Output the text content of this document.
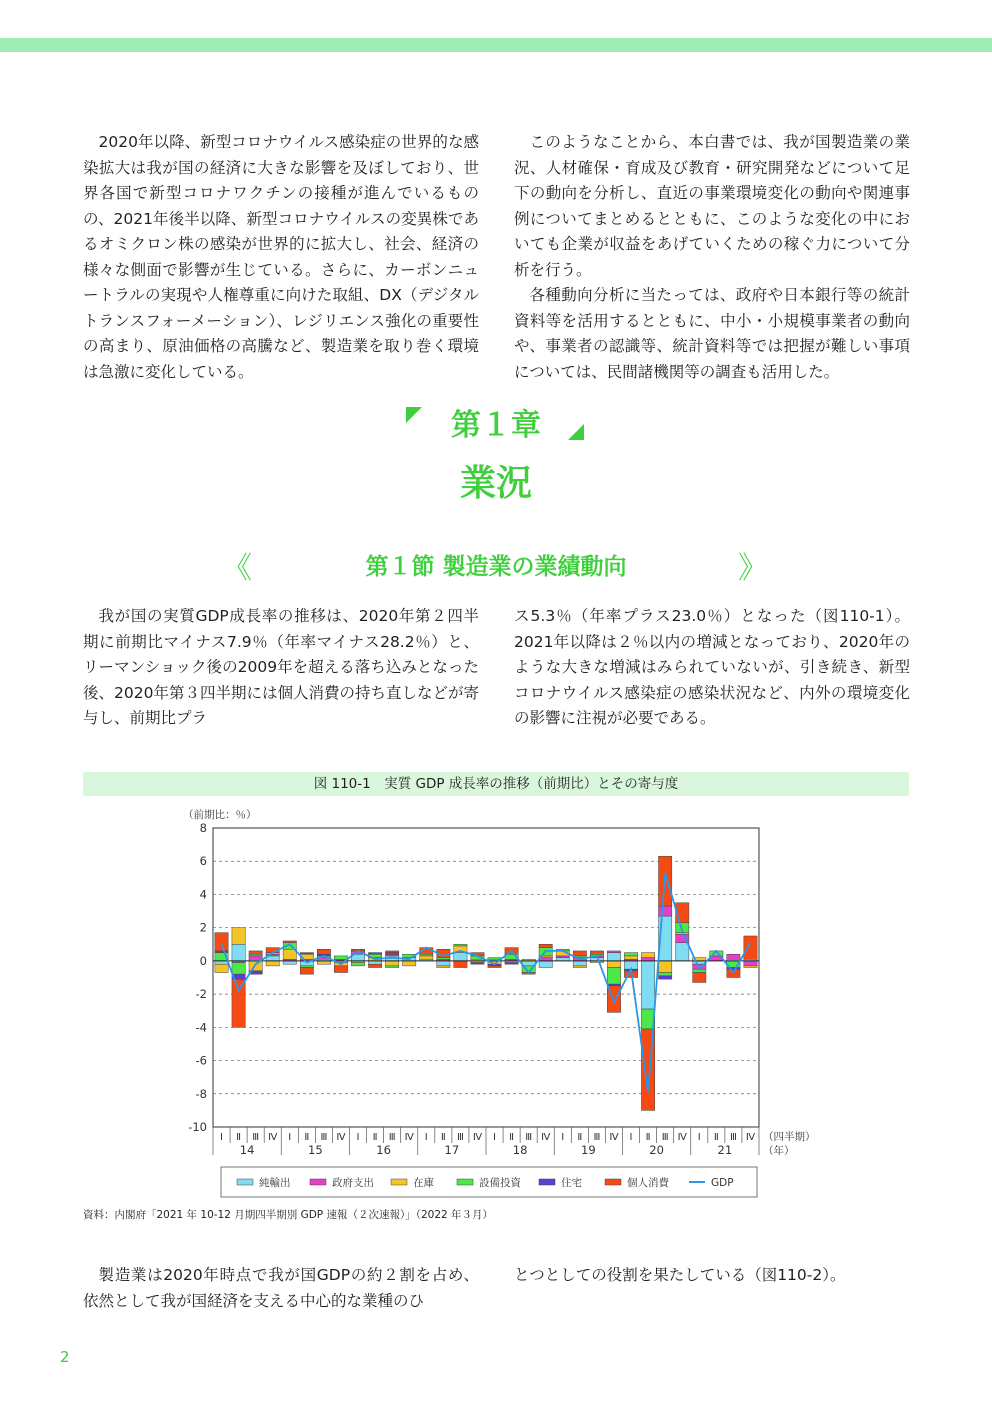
2020年以降、新型コロナウイルス感染症の世界的な感染拡大は我が国の経済に大きな影響を及ぼしており、世界各国で新型コロナワクチンの接種が進んでいるものの、2021年後半以降、新型コロナウイルスの変異株であるオミクロン株の感染が世界的に拡大し、社会、経済の様々な側面で影響が生じている。さらに、カーボンニュートラルの実現や人権尊重に向けた取組、DX（デジタルトランスフォーメーション）、レジリエンス強化の重要性の高まり、原油価格の高騰など、製造業を取り巻く環境は急激に変化している。

このようなことから、本白書では、我が国製造業の業況、人材確保・育成及び教育・研究開発などについて足下の動向を分析し、直近の事業環境変化の動向や関連事例についてまとめるとともに、このような変化の中においても企業が収益をあげていくための稼ぐ力について分析を行う。

各種動向分析に当たっては、政府や日本銀行等の統計資料等を活用するとともに、中小・小規模事業者の動向や、事業者の認識等、統計資料等では把握が難しい事項については、民間諸機関等の調査も活用した。

第１章
業況
《	第１節 製造業の業績動向	》

我が国の実質GDP成長率の推移は、2020年第２四半期に前期比マイナス7.9％（年率マイナス28.2％）と、リーマンショック後の2009年を超える落ち込みとなった後、2020年第３四半期には個人消費の持ち直しなどが寄与し、前期比プラ

ス5.3％（年率プラス23.0％）となった（図110-1）。2021年以降は２％以内の増減となっており、2020年のような大きな増減はみられていないが、引き続き、新型コロナウイルス感染症の感染状況など、内外の環境変化の影響に注視が必要である。

図 110-1　実質 GDP 成長率の推移（前期比）とその寄与度
-10
-8
-6
-4
-2
0
2
4
6
8
（前期比：％）
Ⅰ Ⅱ Ⅲ Ⅳ Ⅰ Ⅱ Ⅲ Ⅳ Ⅰ Ⅱ Ⅲ Ⅳ Ⅰ Ⅱ Ⅲ Ⅳ Ⅰ Ⅱ Ⅲ Ⅳ Ⅰ Ⅱ Ⅲ Ⅳ Ⅰ Ⅱ Ⅲ Ⅳ Ⅰ Ⅱ Ⅲ Ⅳ
14	15	16	17	18	19	20	21
（四半期）
（年）
純輸出	政府支出	在庫	設備投資	住宅	個人消費	GDP
資料：内閣府「2021 年 10-12 月期四半期別 GDP 速報（２次速報）」（2022 年３月）

製造業は2020年時点で我が国GDPの約２割を占め、依然として我が国経済を支える中心的な業種のひ

とつとしての役割を果たしている（図110-2）。

2
